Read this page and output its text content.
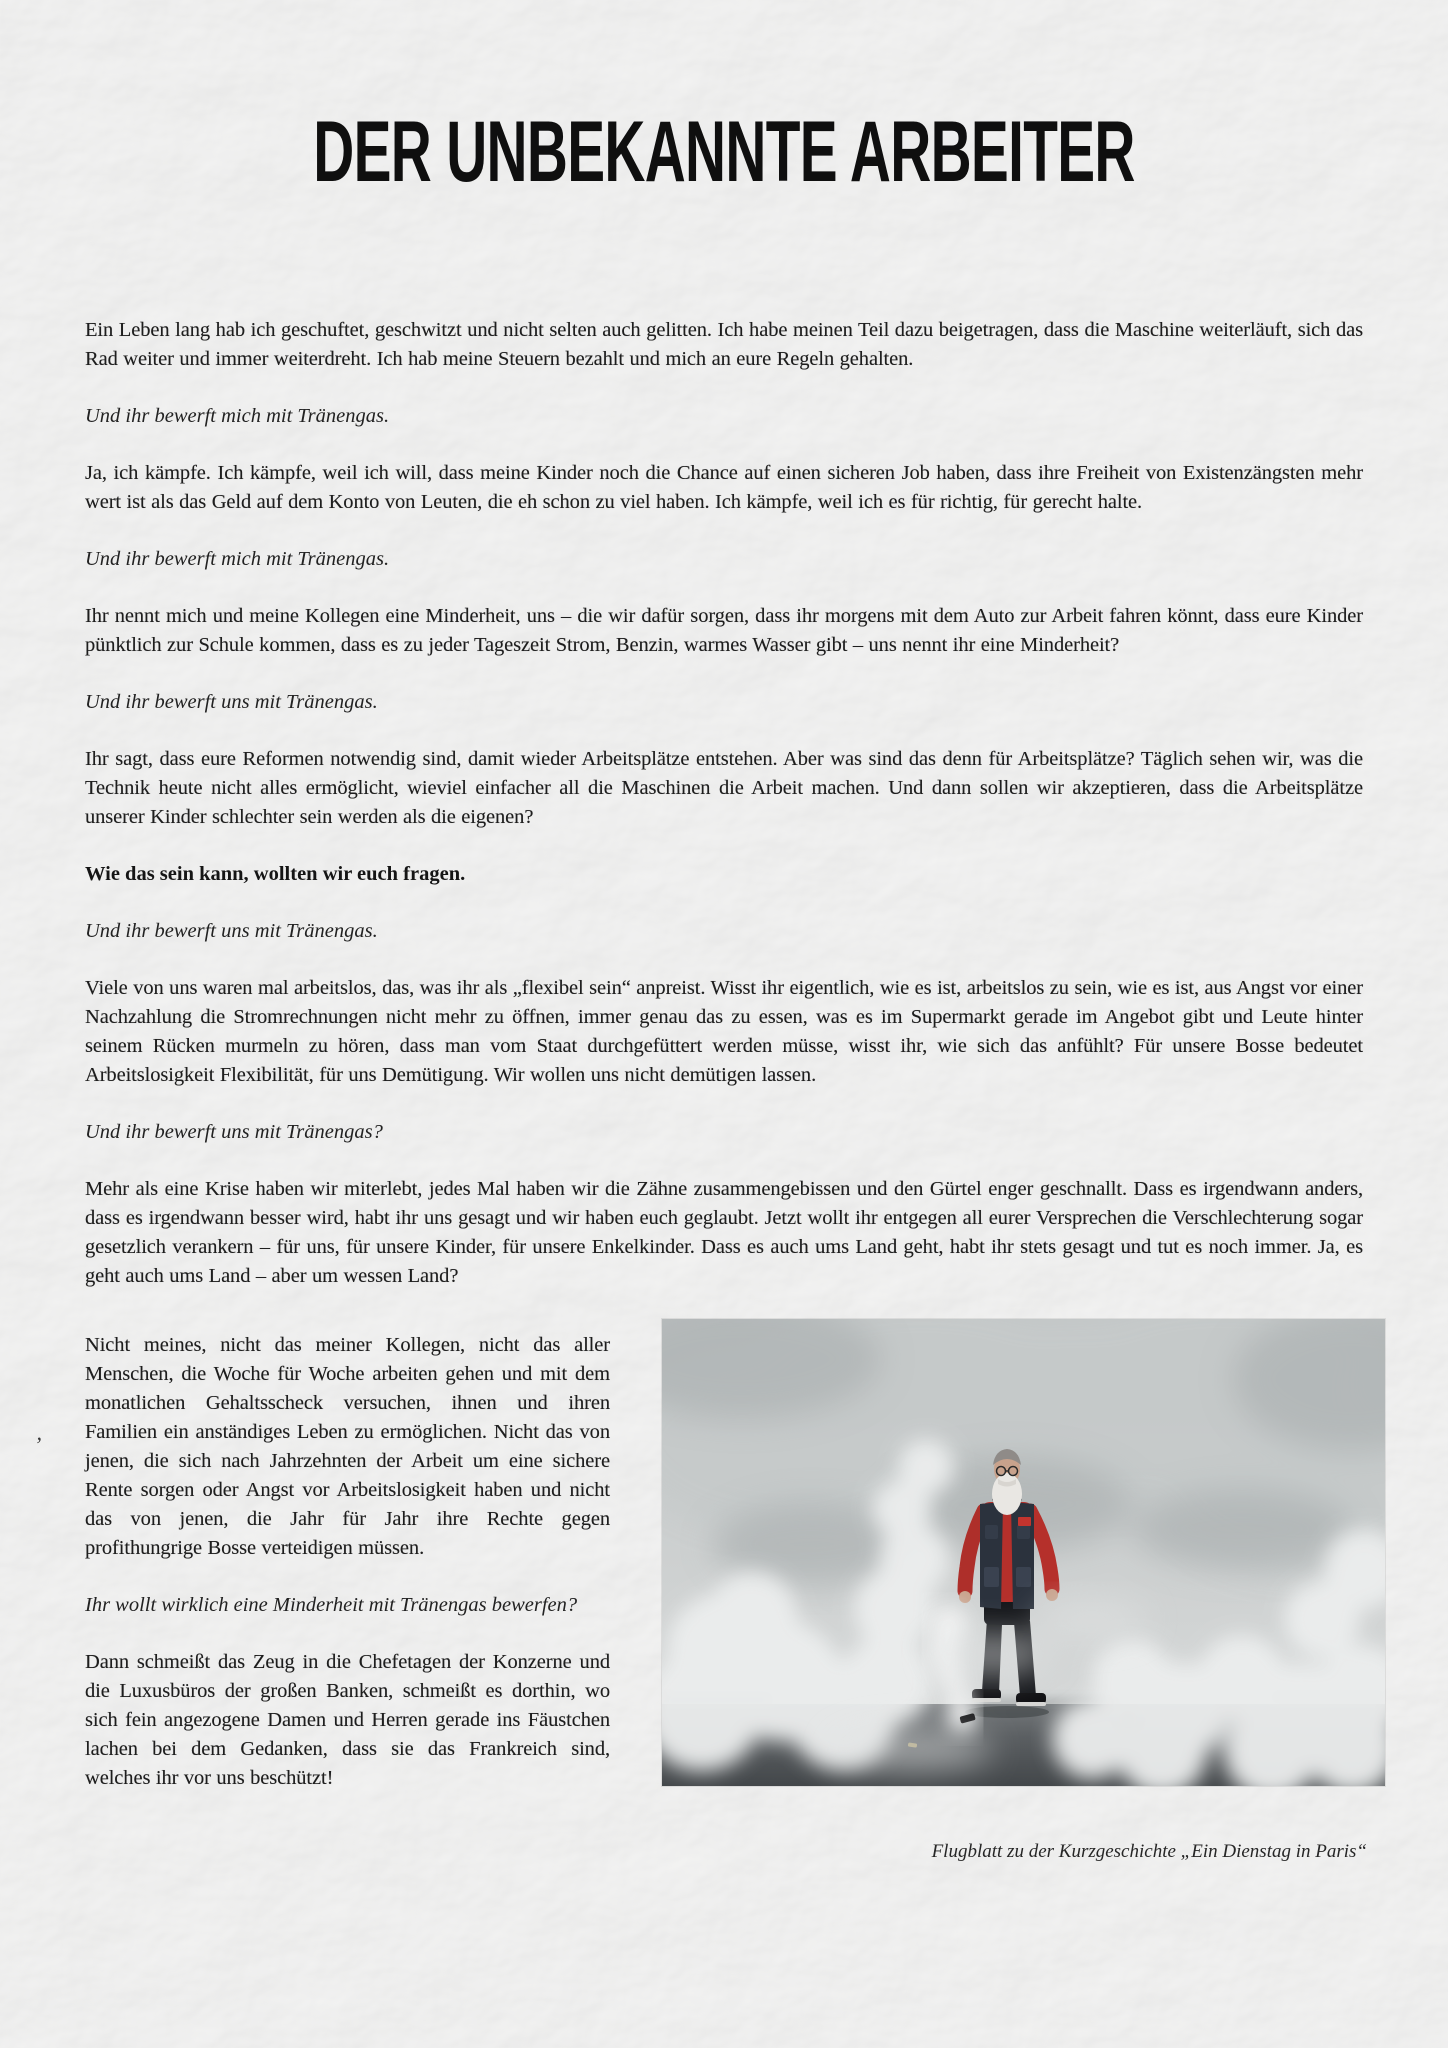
DER UNBEKANNTE ARBEITER

Ein Leben lang hab ich geschuftet, geschwitzt und nicht selten auch gelitten. Ich habe meinen Teil dazu beigetragen, dass die Maschine weiterläuft, sich das Rad weiter und immer weiterdreht. Ich hab meine Steuern bezahlt und mich an eure Regeln gehalten.

Und ihr bewerft mich mit Tränengas.

Ja, ich kämpfe. Ich kämpfe, weil ich will, dass meine Kinder noch die Chance auf einen sicheren Job haben, dass ihre Freiheit von Existenzängsten mehr wert ist als das Geld auf dem Konto von Leuten, die eh schon zu viel haben. Ich kämpfe, weil ich es für richtig, für gerecht halte.

Und ihr bewerft mich mit Tränengas.

Ihr nennt mich und meine Kollegen eine Minderheit, uns – die wir dafür sorgen, dass ihr morgens mit dem Auto zur Arbeit fahren könnt, dass eure Kinder pünktlich zur Schule kommen, dass es zu jeder Tageszeit Strom, Benzin, warmes Wasser gibt – uns nennt ihr eine Minderheit?

Und ihr bewerft uns mit Tränengas.

Ihr sagt, dass eure Reformen notwendig sind, damit wieder Arbeitsplätze entstehen. Aber was sind das denn für Arbeitsplätze? Täglich sehen wir, was die Technik heute nicht alles ermöglicht, wieviel einfacher all die Maschinen die Arbeit machen. Und dann sollen wir akzeptieren, dass die Arbeitsplätze unserer Kinder schlechter sein werden als die eigenen?

Wie das sein kann, wollten wir euch fragen.

Und ihr bewerft uns mit Tränengas.

Viele von uns waren mal arbeitslos, das, was ihr als „flexibel sein“ anpreist. Wisst ihr eigentlich, wie es ist, arbeitslos zu sein, wie es ist, aus Angst vor einer Nachzahlung die Stromrechnungen nicht mehr zu öffnen, immer genau das zu essen, was es im Supermarkt gerade im Angebot gibt und Leute hinter seinem Rücken murmeln zu hören, dass man vom Staat durchgefüttert werden müsse, wisst ihr, wie sich das anfühlt? Für unsere Bosse bedeutet Arbeitslosigkeit Flexibilität, für uns Demütigung. Wir wollen uns nicht demütigen lassen.

Und ihr bewerft uns mit Tränengas?

Mehr als eine Krise haben wir miterlebt, jedes Mal haben wir die Zähne zusammengebissen und den Gürtel enger geschnallt. Dass es irgendwann anders, dass es irgendwann besser wird, habt ihr uns gesagt und wir haben euch geglaubt. Jetzt wollt ihr entgegen all eurer Versprechen die Verschlechterung sogar gesetzlich verankern – für uns, für unsere Kinder, für unsere Enkelkinder. Dass es auch ums Land geht, habt ihr stets gesagt und tut es noch immer. Ja, es geht auch ums Land – aber um wessen Land?

Nicht meines, nicht das meiner Kollegen, nicht das aller Menschen, die Woche für Woche arbeiten gehen und mit dem monatlichen Gehaltsscheck versuchen, ihnen und ihren Familien ein anständiges Leben zu ermöglichen. Nicht das von jenen, die sich nach Jahrzehnten der Arbeit um eine sichere Rente sorgen oder Angst vor Arbeitslosigkeit haben und nicht das von jenen, die Jahr für Jahr ihre Rechte gegen profithungrige Bosse verteidigen müssen.

Ihr wollt wirklich eine Minderheit mit Tränengas bewerfen?

Dann schmeißt das Zeug in die Chefetagen der Konzerne und die Luxusbüros der großen Banken, schmeißt es dorthin, wo sich fein angezogene Damen und Herren gerade ins Fäustchen lachen bei dem Gedanken, dass sie das Frankreich sind, welches ihr vor uns beschützt!

Flugblatt zu der Kurzgeschichte „Ein Dienstag in Paris“

’
